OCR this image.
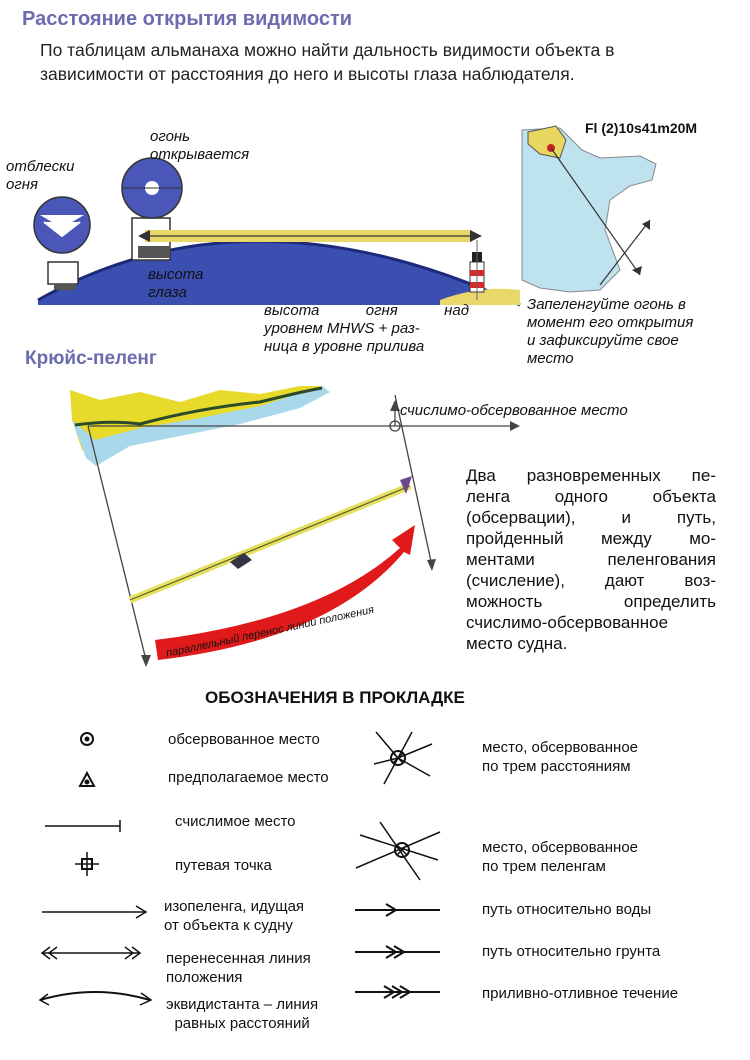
Расстояние открытия видимости
По таблицам альманаха можно найти дальность видимости объекта в
зависимости от расстояния до него и высоты глаза наблюдателя.
отблески
огня
огонь
открывается
высота
глаза
высота огня над
уровнем MHWS + раз-
ница в уровне прилива
Fl (2)10s41m20M
Запеленгуйте огонь в
момент его открытия
и зафиксируйте свое
место
Крюйс-пеленг
счислимо-обсервованное место
параллельный перенос линии положения
Два разновременных пе-
ленга одного объекта
(обсервации), и путь,
пройденный между мо-
ментами пеленгования
(счисление), дают воз-
можность определить
счислимо-обсервованное
место судна.
ОБОЗНАЧЕНИЯ В ПРОКЛАДКЕ
обсервованное место
предполагаемое место
счислимое место
путевая точка
изопеленга, идущая
от объекта к судну
перенесенная линия
положения
эквидистанта – линия
равных расстояний
место, обсервованное
по трем расстояниям
место, обсервованное
по трем пеленгам
путь относительно воды
путь относительно грунта
приливно-отливное течение
